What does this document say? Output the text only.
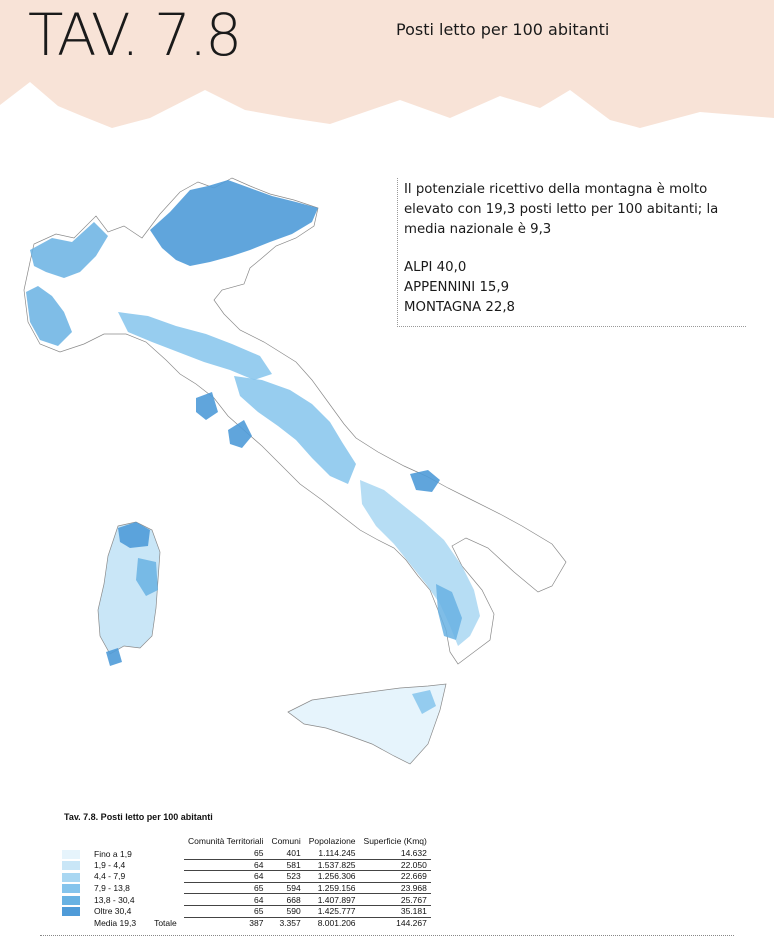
TAV. 7.8	Posti letto per 100 abitanti

Il potenziale ricettivo della montagna è molto elevato con 19,3 posti letto per 100 abitanti; la media nazionale è 9,3

ALPI 40,0
APPENNINI 15,9
MONTAGNA 22,8
Tav. 7.8. Posti letto per 100 abitanti
		Comunità Territoriali	Comuni	Popolazione	Superficie (Kmq)
	Fino a 1,9	65	401	1.114.245	14.632
	1,9 - 4,4	64	581	1.537.825	22.050
	4,4 - 7,9	64	523	1.256.306	22.669
	7,9 - 13,8	65	594	1.259.156	23.968
	13,8 - 30,4	64	668	1.407.897	25.767
	Oltre 30,4	65	590	1.425.777	35.181
	Media 19,3 Totale	387	3.357	8.001.206	144.267
